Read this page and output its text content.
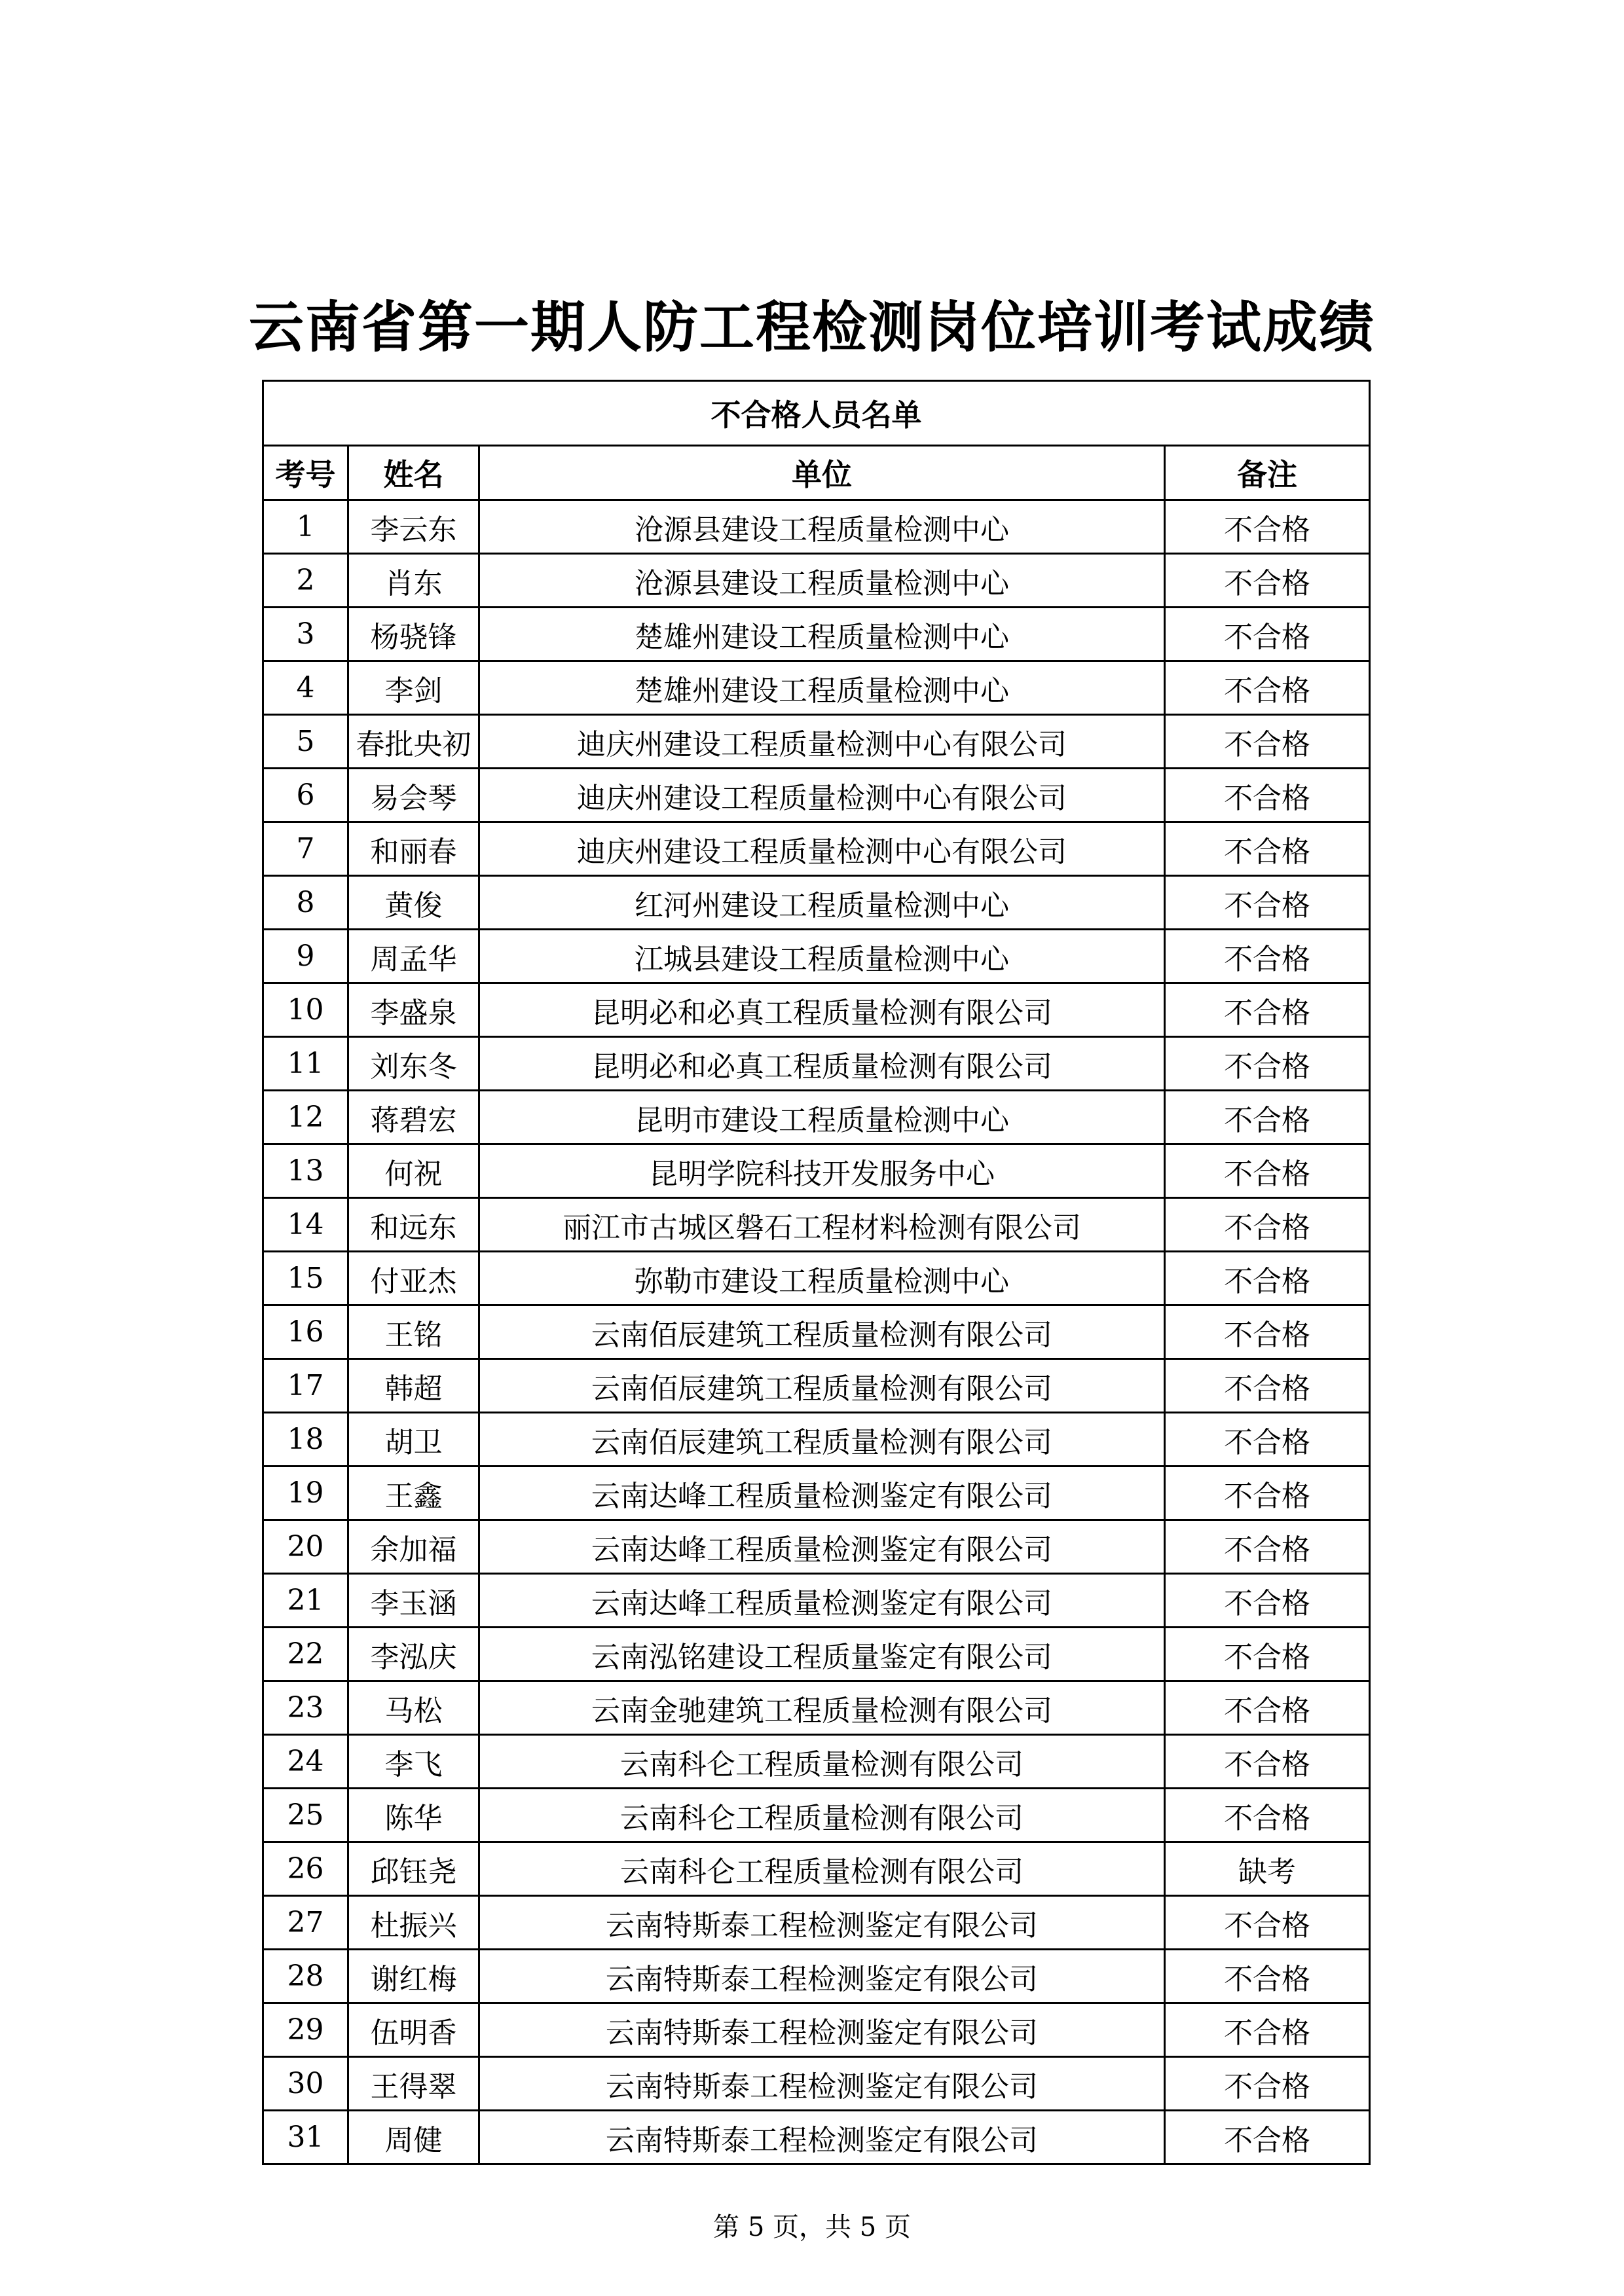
云南省第一期人防工程检测岗位培训考试成绩
不合格人员名单			
考号	姓名	单位	备注
1	李云东	沧源县建设工程质量检测中心	不合格
2	肖东	沧源县建设工程质量检测中心	不合格
3	杨骁锋	楚雄州建设工程质量检测中心	不合格
4	李剑	楚雄州建设工程质量检测中心	不合格
5	春批央初	迪庆州建设工程质量检测中心有限公司	不合格
6	易会琴	迪庆州建设工程质量检测中心有限公司	不合格
7	和丽春	迪庆州建设工程质量检测中心有限公司	不合格
8	黄俊	红河州建设工程质量检测中心	不合格
9	周孟华	江城县建设工程质量检测中心	不合格
10	李盛泉	昆明必和必真工程质量检测有限公司	不合格
11	刘东冬	昆明必和必真工程质量检测有限公司	不合格
12	蒋碧宏	昆明市建设工程质量检测中心	不合格
13	何祝	昆明学院科技开发服务中心	不合格
14	和远东	丽江市古城区磐石工程材料检测有限公司	不合格
15	付亚杰	弥勒市建设工程质量检测中心	不合格
16	王铭	云南佰辰建筑工程质量检测有限公司	不合格
17	韩超	云南佰辰建筑工程质量检测有限公司	不合格
18	胡卫	云南佰辰建筑工程质量检测有限公司	不合格
19	王鑫	云南达峰工程质量检测鉴定有限公司	不合格
20	余加福	云南达峰工程质量检测鉴定有限公司	不合格
21	李玉涵	云南达峰工程质量检测鉴定有限公司	不合格
22	李泓庆	云南泓铭建设工程质量鉴定有限公司	不合格
23	马松	云南金驰建筑工程质量检测有限公司	不合格
24	李飞	云南科仑工程质量检测有限公司	不合格
25	陈华	云南科仑工程质量检测有限公司	不合格
26	邱钰尧	云南科仑工程质量检测有限公司	缺考
27	杜振兴	云南特斯泰工程检测鉴定有限公司	不合格
28	谢红梅	云南特斯泰工程检测鉴定有限公司	不合格
29	伍明香	云南特斯泰工程检测鉴定有限公司	不合格
30	王得翠	云南特斯泰工程检测鉴定有限公司	不合格
31	周健	云南特斯泰工程检测鉴定有限公司	不合格
第 5 页，共 5 页
